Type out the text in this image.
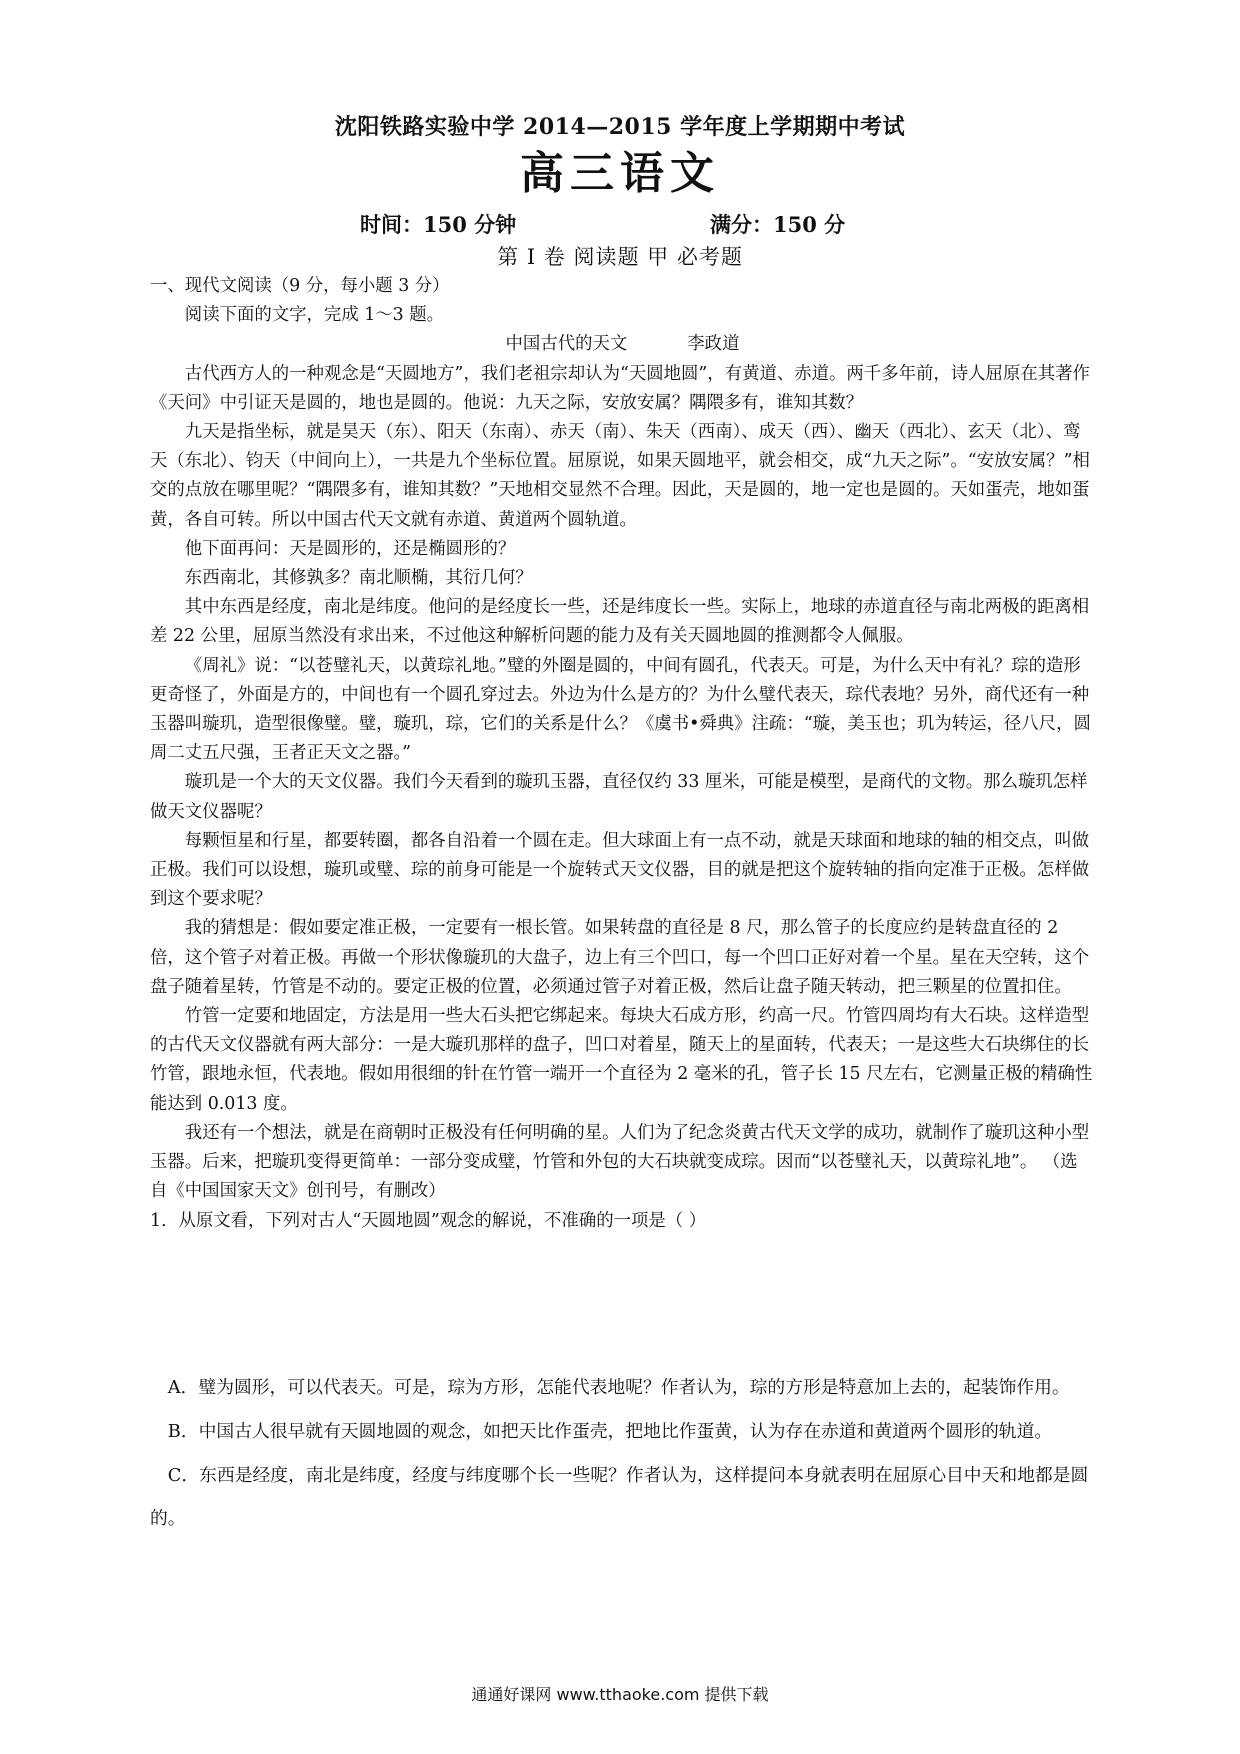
沈阳铁路实验中学 2014—2015 学年度上学期期中考试
高三语文
时间：150 分钟	满分：150 分
第 Ⅰ 卷 阅读题 甲 必考题

一、现代文阅读（9 分，每小题 3 分）

阅读下面的文字，完成 1～3 题。

中国古代的天文	李政道

古代西方人的一种观念是“天圆地方”，我们老祖宗却认为“天圆地圆”，有黄道、赤道。两千多年前，诗人屈原在其著作《天问》中引证天是圆的，地也是圆的。他说：九天之际，安放安属？隅隈多有，谁知其数？

九天是指坐标，就是昊天（东）、阳天（东南）、赤天（南）、朱天（西南）、成天（西）、幽天（西北）、玄天（北）、鸾天（东北）、钧天（中间向上），一共是九个坐标位置。屈原说，如果天圆地平，就会相交，成“九天之际”。“安放安属？”相交的点放在哪里呢？“隅隈多有，谁知其数？”天地相交显然不合理。因此，天是圆的，地一定也是圆的。天如蛋壳，地如蛋黄，各自可转。所以中国古代天文就有赤道、黄道两个圆轨道。

他下面再问：天是圆形的，还是椭圆形的？

东西南北，其修孰多？南北顺椭，其衍几何？

其中东西是经度，南北是纬度。他问的是经度长一些，还是纬度长一些。实际上，地球的赤道直径与南北两极的距离相差 22 公里，屈原当然没有求出来，不过他这种解析问题的能力及有关天圆地圆的推测都令人佩服。

《周礼》说：“以苍璧礼天，以黄琮礼地。”璧的外圈是圆的，中间有圆孔，代表天。可是，为什么天中有礼？琮的造形更奇怪了，外面是方的，中间也有一个圆孔穿过去。外边为什么是方的？为什么璧代表天，琮代表地？另外，商代还有一种玉器叫璇玑，造型很像璧。璧，璇玑，琮，它们的关系是什么？《虞书•舜典》注疏：“璇，美玉也；玑为转运，径八尺，圆周二丈五尺强，王者正天文之器。”

璇玑是一个大的天文仪器。我们今天看到的璇玑玉器，直径仅约 33 厘米，可能是模型，是商代的文物。那么璇玑怎样做天文仪器呢？

每颗恒星和行星，都要转圈，都各自沿着一个圆在走。但大球面上有一点不动，就是天球面和地球的轴的相交点，叫做正极。我们可以设想，璇玑或璧、琮的前身可能是一个旋转式天文仪器，目的就是把这个旋转轴的指向定准于正极。怎样做到这个要求呢？

我的猜想是：假如要定准正极，一定要有一根长管。如果转盘的直径是 8 尺，那么管子的长度应约是转盘直径的 2 倍，这个管子对着正极。再做一个形状像璇玑的大盘子，边上有三个凹口，每一个凹口正好对着一个星。星在天空转，这个盘子随着星转，竹管是不动的。要定正极的位置，必须通过管子对着正极，然后让盘子随天转动，把三颗星的位置扣住。

竹管一定要和地固定，方法是用一些大石头把它绑起来。每块大石成方形，约高一尺。竹管四周均有大石块。这样造型的古代天文仪器就有两大部分：一是大璇玑那样的盘子，凹口对着星，随天上的星面转，代表天；一是这些大石块绑住的长竹管，跟地永恒，代表地。假如用很细的针在竹管一端开一个直径为 2 毫米的孔，管子长 15 尺左右，它测量正极的精确性能达到 0.013 度。

我还有一个想法，就是在商朝时正极没有任何明确的星。人们为了纪念炎黄古代天文学的成功，就制作了璇玑这种小型玉器。后来，把璇玑变得更简单：一部分变成璧，竹管和外包的大石块就变成琮。因而“以苍璧礼天，以黄琮礼地”。 （选自《中国国家天文》创刊号，有删改）

1．从原文看，下列对古人“天圆地圆”观念的解说，不准确的一项是（ ）

A．璧为圆形，可以代表天。可是，琮为方形，怎能代表地呢？作者认为，琮的方形是特意加上去的，起装饰作用。

B．中国古人很早就有天圆地圆的观念，如把天比作蛋壳，把地比作蛋黄，认为存在赤道和黄道两个圆形的轨道。

C．东西是经度，南北是纬度，经度与纬度哪个长一些呢？作者认为，这样提问本身就表明在屈原心目中天和地都是圆的。

通通好课网 www.tthaoke.com 提供下载
